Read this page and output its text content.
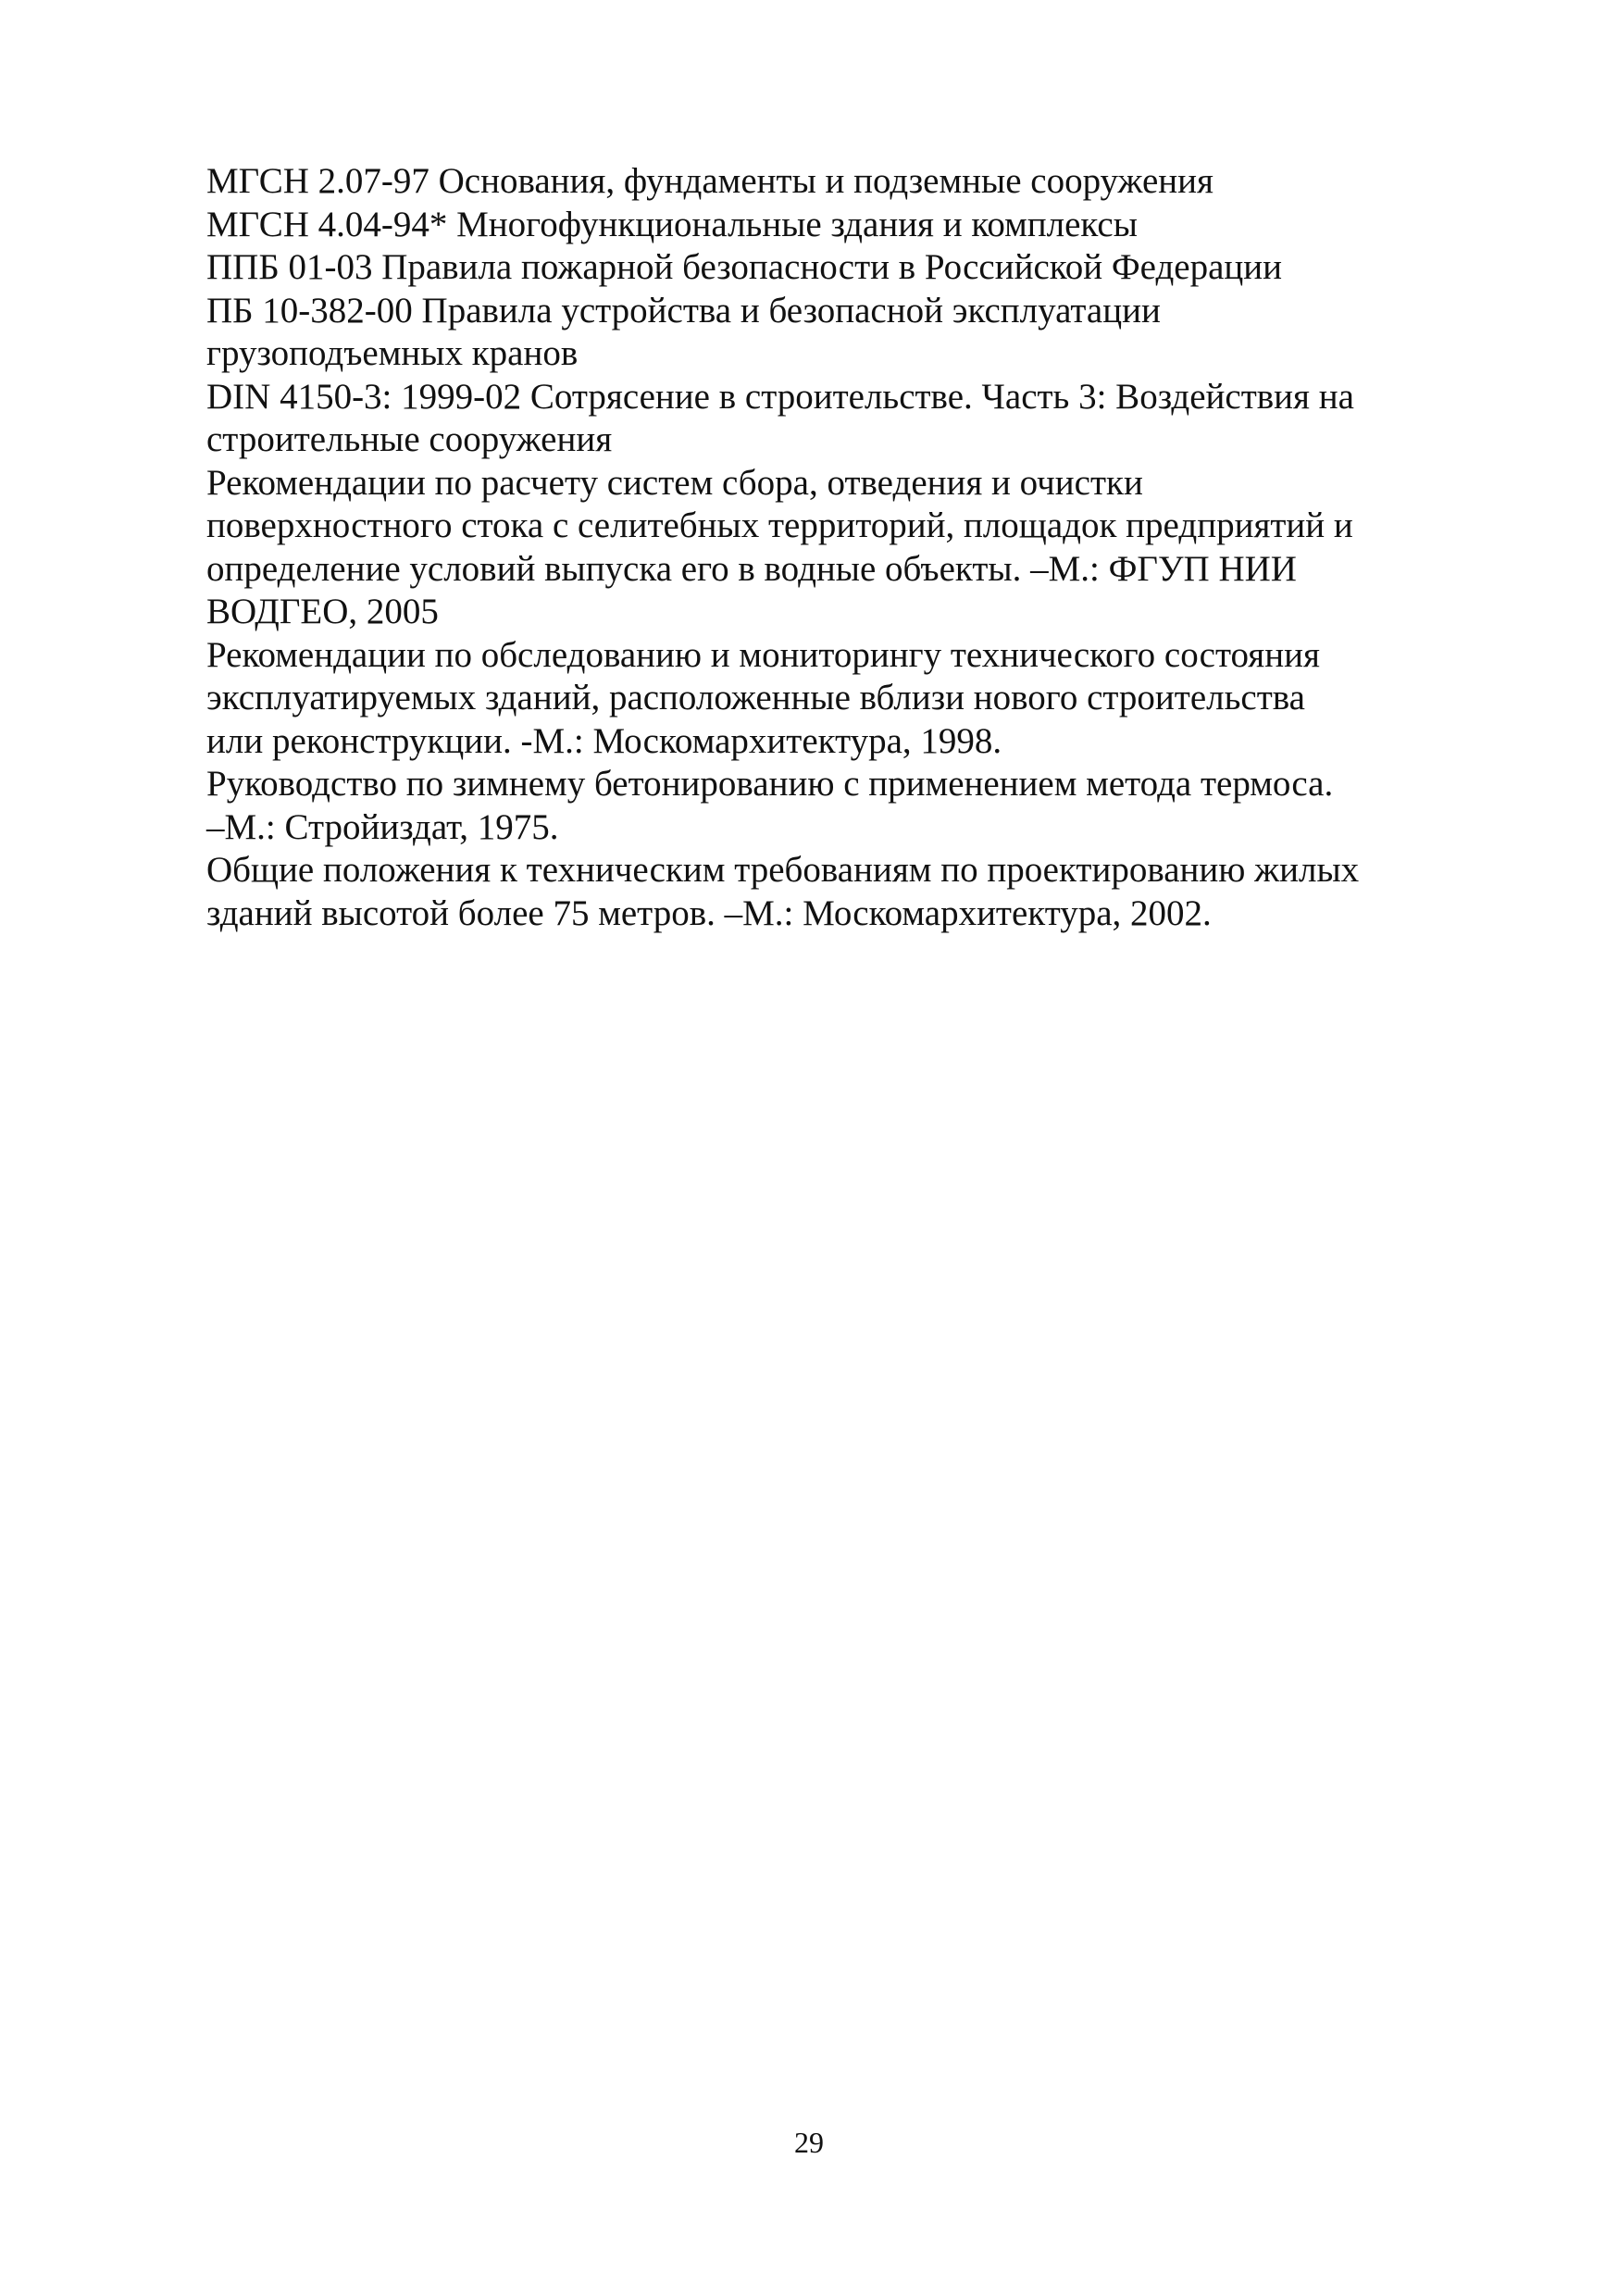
МГСН 2.07-97 Основания, фундаменты и подземные сооружения

МГСН 4.04-94* Многофункциональные здания и комплексы

ППБ 01-03 Правила пожарной безопасности в Российской Федерации

ПБ 10-382-00 Правила устройства и безопасной эксплуатации
грузоподъемных кранов

DIN 4150-3: 1999-02 Сотрясение в строительстве. Часть 3: Воздействия на
строительные сооружения

Рекомендации по расчету систем сбора, отведения и очистки
поверхностного стока с селитебных территорий, площадок предприятий и
определение условий выпуска его в водные объекты. –М.: ФГУП НИИ
ВОДГЕО, 2005

Рекомендации по обследованию и мониторингу технического состояния
эксплуатируемых зданий, расположенные вблизи нового строительства
или реконструкции. -М.: Москомархитектура, 1998.

Руководство по зимнему бетонированию с применением метода термоса.
–М.: Стройиздат, 1975.

Общие положения к техническим требованиям по проектированию жилых
зданий высотой более 75 метров. –М.: Москомархитектура, 2002.

29
